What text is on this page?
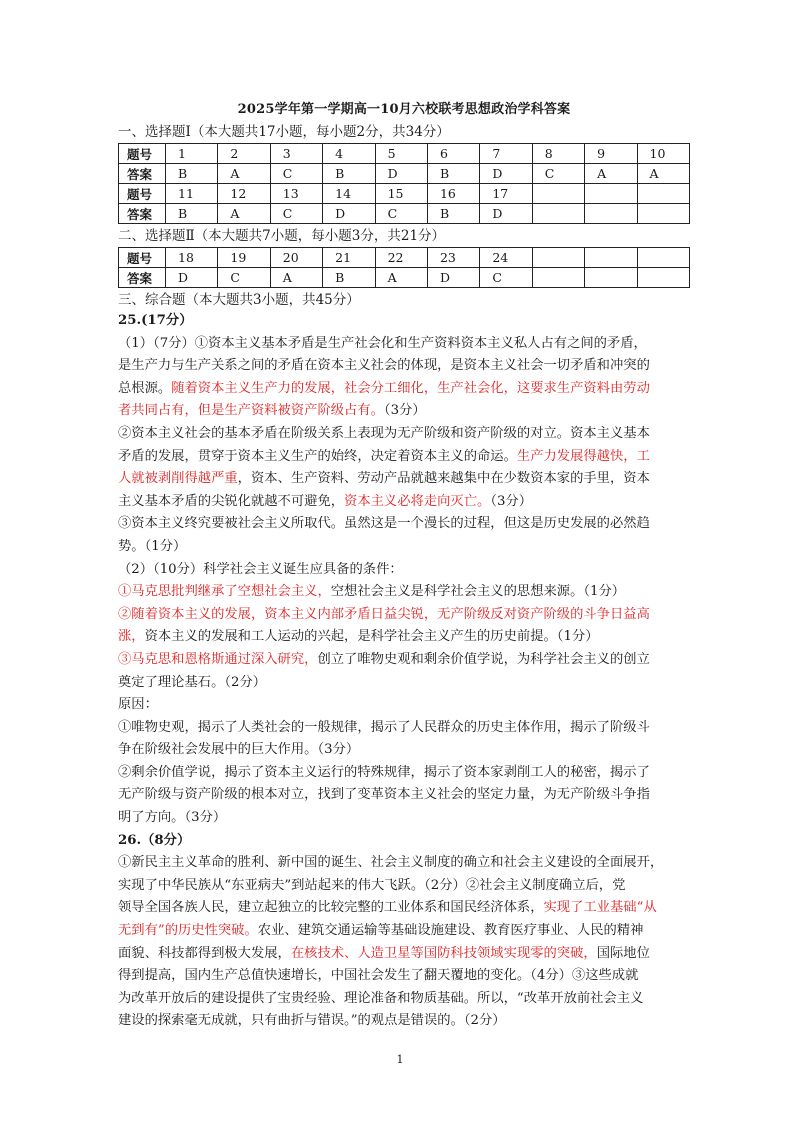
2025学年第一学期高一10月六校联考思想政治学科答案
一、选择题Ⅰ（本大题共17小题，每小题2分，共34分）
题号	1	2	3	4	5	6	7	8	9	10
答案	B	A	C	B	D	B	D	C	A	A
题号	11	12	13	14	15	16	17			
答案	B	A	C	D	C	B	D			
二、选择题Ⅱ（本大题共7小题，每小题3分，共21分）
题号	18	19	20	21	22	23	24			
答案	D	C	A	B	A	D	C			
三、综合题（本大题共3小题，共45分）

25.(17分）

（1）（7分）①资本主义基本矛盾是生产社会化和生产资料资本主义私人占有之间的矛盾，

是生产力与生产关系之间的矛盾在资本主义社会的体现，是资本主义社会一切矛盾和冲突的

总根源。随着资本主义生产力的发展，社会分工细化，生产社会化，这要求生产资料由劳动

者共同占有，但是生产资料被资产阶级占有。（3分）

②资本主义社会的基本矛盾在阶级关系上表现为无产阶级和资产阶级的对立。资本主义基本

矛盾的发展，贯穿于资本主义生产的始终，决定着资本主义的命运。生产力发展得越快，工

人就被剥削得越严重，资本、生产资料、劳动产品就越来越集中在少数资本家的手里，资本

主义基本矛盾的尖锐化就越不可避免，资本主义必将走向灭亡。（3分）

③资本主义终究要被社会主义所取代。虽然这是一个漫长的过程，但这是历史发展的必然趋

势。（1分）

（2）（10分）科学社会主义诞生应具备的条件：

①马克思批判继承了空想社会主义，空想社会主义是科学社会主义的思想来源。（1分）

②随着资本主义的发展，资本主义内部矛盾日益尖锐，无产阶级反对资产阶级的斗争日益高

涨，资本主义的发展和工人运动的兴起，是科学社会主义产生的历史前提。（1分）

③马克思和恩格斯通过深入研究，创立了唯物史观和剩余价值学说，为科学社会主义的创立

奠定了理论基石。（2分）

原因：

①唯物史观，揭示了人类社会的一般规律，揭示了人民群众的历史主体作用，揭示了阶级斗

争在阶级社会发展中的巨大作用。（3分）

②剩余价值学说，揭示了资本主义运行的特殊规律，揭示了资本家剥削工人的秘密，揭示了

无产阶级与资产阶级的根本对立，找到了变革资本主义社会的坚定力量，为无产阶级斗争指

明了方向。（3分）

26.（8分）

①新民主主义革命的胜利、新中国的诞生、社会主义制度的确立和社会主义建设的全面展开，

实现了中华民族从“东亚病夫”到站起来的伟大飞跃。（2分）②社会主义制度确立后，党

领导全国各族人民，建立起独立的比较完整的工业体系和国民经济体系，实现了工业基础“从

无到有”的历史性突破。农业、建筑交通运输等基础设施建设、教育医疗事业、人民的精神

面貌、科技都得到极大发展，在核技术、人造卫星等国防科技领域实现零的突破，国际地位

得到提高，国内生产总值快速增长，中国社会发生了翻天覆地的变化。（4分）③这些成就

为改革开放后的建设提供了宝贵经验、理论准备和物质基础。所以，“改革开放前社会主义

建设的探索毫无成就，只有曲折与错误。”的观点是错误的。（2分）

1
